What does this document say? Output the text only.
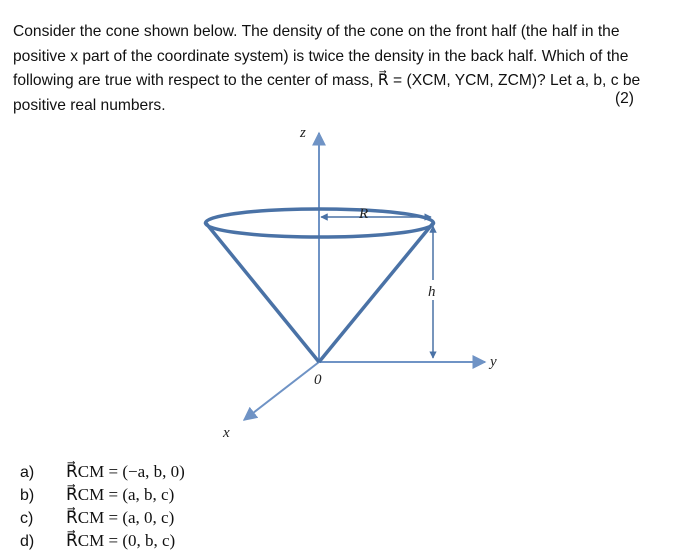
Consider the cone shown below. The density of the cone on the front half (the half in the
positive x part of the coordinate system) is twice the density in the back half. Which of the
following are true with respect to the center of mass, R⃗ = (XCM, YCM, ZCM)? Let a, b, c be
positive real numbers.	(2)
z
R
h
y
0
x
a) R⃗CM = (−a, b, 0)
b) R⃗CM = (a, b, c)
c) R⃗CM = (a, 0, c)
d) R⃗CM = (0, b, c)
